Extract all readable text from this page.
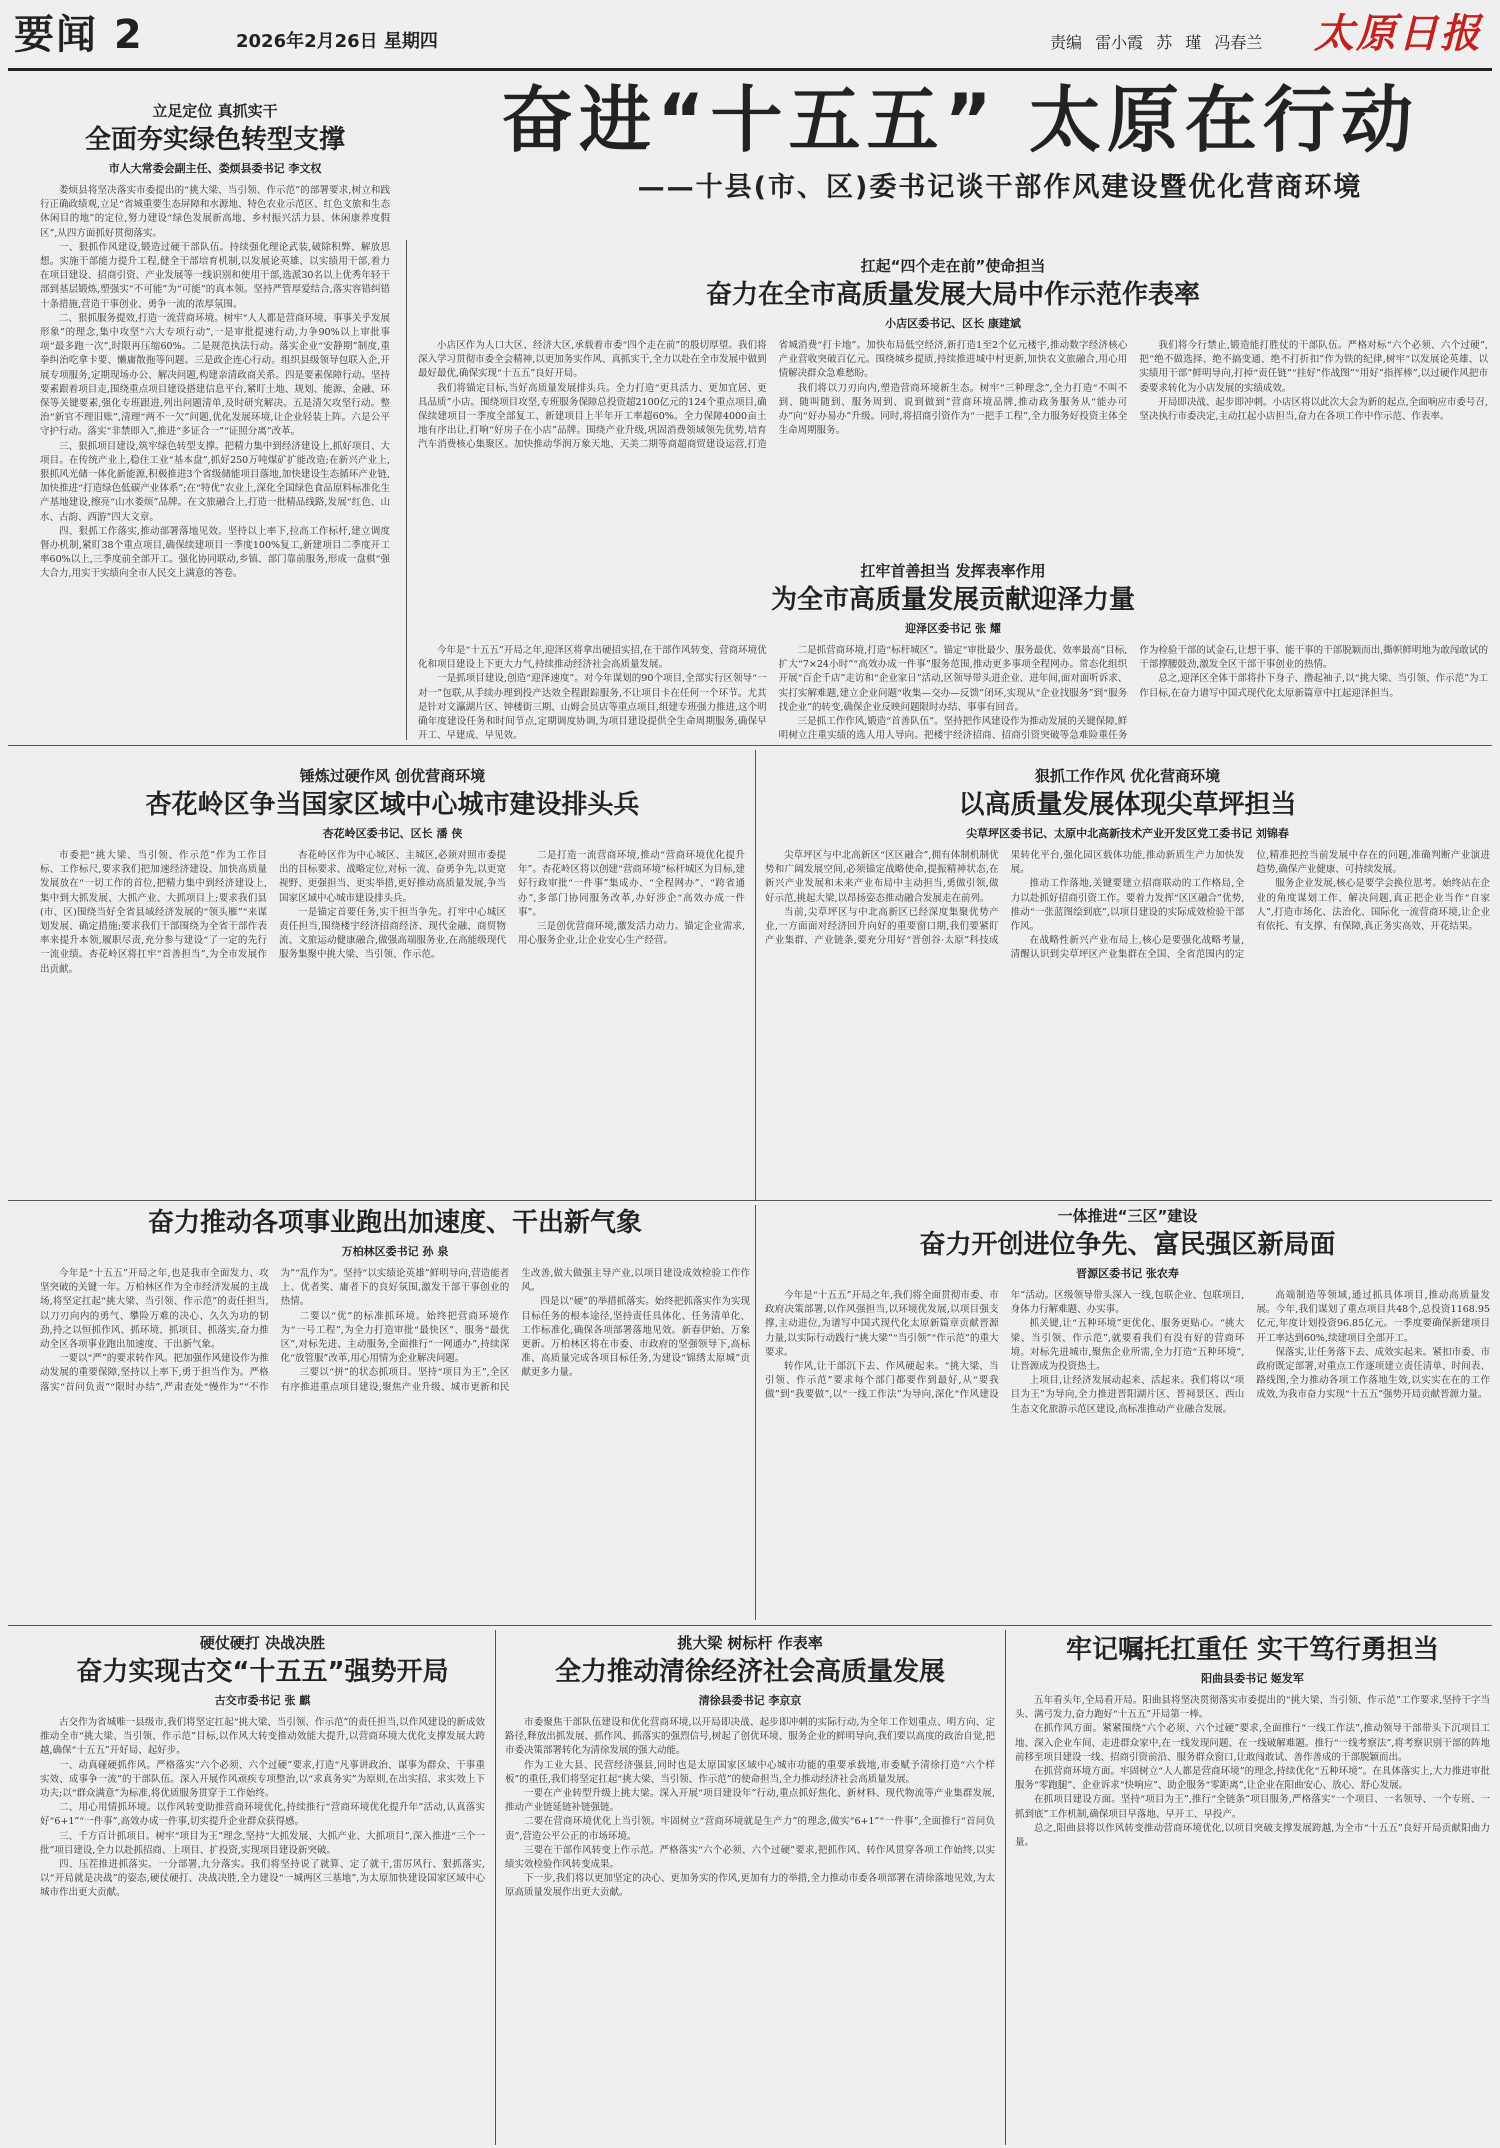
要闻 2	2026年2月26日 星期四	责编 雷小霞 苏 瑾 冯春兰 太原日报
奋进“十五五” 太原在行动
——十县(市、区)委书记谈干部作风建设暨优化营商环境
立足定位 真抓实干
全面夯实绿色转型支撑
市人大常委会副主任、娄烦县委书记 李文权

娄烦县将坚决落实市委提出的“挑大梁、当引领、作示范”的部署要求,树立和践行正确政绩观,立足“省城重要生态屏障和水源地、特色农业示范区、红色文旅和生态休闲目的地”的定位,努力建设“绿色发展新高地、乡村振兴活力县、休闲康养度假区”,从四方面抓好贯彻落实。

一、狠抓作风建设,锻造过硬干部队伍。持续强化理论武装,破除积弊、解放思想。实施干部能力提升工程,健全干部培育机制,以发展论英雄、以实绩用干部,着力在项目建设、招商引资、产业发展等一线识别和使用干部,选派30名以上优秀年轻干部到基层锻炼,塑强实“不可能”为“可能”的真本领。坚持严管厚爱结合,落实容错纠错十条措施,营造干事创业、勇争一流的浓厚氛围。

二、狠抓服务提效,打造一流营商环境。树牢“人人都是营商环境、事事关乎发展形象”的理念,集中攻坚“六大专项行动”,一是审批提速行动,力争90%以上审批事项“最多跑一次”,时限再压缩60%。二是规范执法行动。落实企业“安静期”制度,重拳纠治吃拿卡要、懒庸散拖等问题。三是政企连心行动。组织县级领导包联入企,开展专项服务,定期现场办公、解决问题,构建亲清政商关系。四是要素保障行动。坚持要素跟着项目走,围绕重点项目建设搭建信息平台,紧盯土地、规划、能源、金融、环保等关键要素,强化专班跟进,列出问题清单,及时研究解决。五是清欠攻坚行动。整治“新官不理旧账”,清理“两不一欠”问题,优化发展环境,让企业轻装上阵。六是公平守护行动。落实“非禁即入”,推进“多证合一”“证照分离”改革。

三、狠抓项目建设,筑牢绿色转型支撑。把精力集中到经济建设上,抓好项目、大项目。在传统产业上,稳住工业“基本盘”,抓好250万吨煤矿扩能改造;在新兴产业上,狠抓风光储一体化新能源,积极推进3个省级储能项目落地,加快建设生态循环产业链,加快推进“打造绿色低碳产业体系”;在“特优”农业上,深化全国绿色食品原料标准化生产基地建设,擦亮“山水娄烦”品牌。在文旅融合上,打造一批精品线路,发展“红色、山水、古韵、西游”四大文章。

四、狠抓工作落实,推动部署落地见效。坚持以上率下,拉高工作标杆,建立调度督办机制,紧盯38个重点项目,确保续建项目一季度100%复工,新建项目二季度开工率60%以上,三季度前全部开工。强化协同联动,乡镇、部门靠前服务,形成一盘棋“强大合力,用实干实绩向全市人民交上满意的答卷。

扛起“四个走在前”使命担当
奋力在全市高质量发展大局中作示范作表率
小店区委书记、区长 康建斌

小店区作为人口大区、经济大区,承载着市委“四个走在前”的殷切厚望。我们将深入学习贯彻市委全会精神,以更加务实作风、真抓实干,全力以赴在全市发展中做到最好最优,确保实现“十五五”良好开局。

我们将锚定目标,当好高质量发展排头兵。全力打造“更具活力、更加宜居、更具品质”小店。围绕项目攻坚,专班服务保障总投资超2100亿元的124个重点项目,确保续建项目一季度全部复工、新建项目上半年开工率超60%。全力保障4000亩土地有序出让,打响“好房子在小店”品牌。围绕产业升级,巩固消费领域领先优势,培育汽车消费核心集聚区。加快推动华润万象天地、天美二期等商超商贸建设运营,打造省城消费“打卡地”。加快布局低空经济,新打造1至2个亿元楼宇,推动数字经济核心产业营收突破百亿元。围绕城乡提质,持续推进城中村更新,加快农文旅融合,用心用情解决群众急难愁盼。

我们将以刀刃向内,塑造营商环境新生态。树牢“三种理念”,全力打造“不叫不到、随叫随到、服务周到、说到做到”营商环境品牌,推动政务服务从“能办可办”向“好办易办”升级。同时,将招商引资作为“一把手工程”,全力服务好投资主体全生命周期服务。

我们将今行禁止,锻造能打胜仗的干部队伍。严格对标“六个必须、六个过硬”,把“绝不做选择、绝不搞变通、绝不打折扣”作为铁的纪律,树牢“以发展论英雄、以实绩用干部”鲜明导向,打掉“责任链”“挂好”作战图”“用好”指挥棒”,以过硬作风把市委要求转化为小店发展的实绩成效。

开局即决战、起步即冲刺。小店区将以此次大会为新的起点,全面响应市委号召,坚决执行市委决定,主动扛起小店担当,奋力在各项工作中作示范、作表率。

扛牢首善担当 发挥表率作用
为全市高质量发展贡献迎泽力量
迎泽区委书记 张 耀

今年是“十五五”开局之年,迎泽区将拿出硬招实招,在干部作风转变、营商环境优化和项目建设上下更大力气,持续推动经济社会高质量发展。

一是抓项目建设,创造“迎泽速度”。对今年谋划的90个项目,全部实行区领导“一对一”包联,从手续办理到投产达效全程跟踪服务,不让项目卡在任何一个环节。尤其是针对文瀛湖片区、钟楼街三期、山姆会员店等重点项目,组建专班强力推进,这个明确年度建设任务和时间节点,定期调度协调,为项目建设提供全生命周期服务,确保早开工、早建成、早见效。

二是抓营商环境,打造“标杆城区”。锚定“审批最少、服务最优、效率最高”目标,扩大“7×24小时”“高效办成一件事”服务范围,推动更多事项全程网办。常态化组织开展“百企千店”走访和“企业家日”活动,区领导带头进企业、进年间,面对面听诉求、实打实解难题,建立企业问题“收集—交办—反馈”闭环,实现从“企业找服务”到“服务找企业”的转变,确保企业反映问题限时办结、事事有回音。

三是抓工作作风,锻造“首善队伍”。坚持把作风建设作为推动发展的关键保障,鲜明树立注重实绩的选人用人导向。把楼宇经济招商、招商引资突破等急难险重任务作为检验干部的试金石,让想干事、能干事的干部脱颖而出,撕帜鲜明地为敢闯敢试的干部撑腰鼓劲,激发全区干部干事创业的热情。

总之,迎泽区全体干部将扑下身子、撸起袖子,以“挑大梁、当引领、作示范”为工作目标,在奋力谱写中国式现代化太原新篇章中扛起迎泽担当。

锤炼过硬作风 创优营商环境
杏花岭区争当国家区域中心城市建设排头兵
杏花岭区委书记、区长 潘 侠

市委把“挑大梁、当引领、作示范”作为工作目标、工作标尺,要求我们把加速经济建设、加快高质量发展放在“一切工作的首位,把精力集中到经济建设上,集中到大抓发展、大抓产业、大抓项目上;要求我们县(市、区)围绕当好全省县域经济发展的“领头雁”“来谋划发展、确定措施;要求我们干部围绕为全省干部作表率来提升本领,履职尽责,充分参与建设“了一定的先行一流业绩。杏花岭区将扛牢“首善担当”,为全市发展作出贡献。

杏花岭区作为中心城区、主城区,必须对照市委提出的目标要求、战略定位,对标一流、奋勇争先,以更宽视野、更强担当、更实举措,更好推动高质量发展,争当国家区域中心城市建设排头兵。

一是锚定首要任务,实干担当争先。打牢中心城区责任担当,围绕楼宇经济招商经济、现代金融、商贸物流、文旅运动健康融合,做强高端服务业,在高能级现代服务集聚中挑大梁、当引领、作示范。

二是打造一流营商环境,推动“营商环境优化提升年”。杏花岭区将以创建“营商环境”标杆城区为目标,建好行政审批“一件事”集成办、“全程网办”、“跨省通办”,多部门协同服务改革,办好涉企“高效办成一件事”。

三是创优营商环境,激发活力动力。锚定企业需求,用心服务企业,让企业安心生产经营。

狠抓工作作风 优化营商环境
以高质量发展体现尖草坪担当
尖草坪区委书记、太原中北高新技术产业开发区党工委书记 刘锦春

尖草坪区与中北高新区“区区融合”,拥有体制机制优势和广阔发展空间,必须锚定战略使命,提振精神状态,在新兴产业发展和未来产业布局中主动担当,勇做引领,做好示范,挑起大梁,以昂扬姿态推动融合发展走在前列。

当前,尖草坪区与中北高新区已经深度集聚优势产业,一方面面对经济回升向好的重要窗口期,我们要紧盯产业集群、产业链条,要充分用好“晋创谷·太原”科技成果转化平台,强化园区载体功能,推动新质生产力加快发展。

推动工作落地,关键要建立招商联动的工作格局,全力以赴抓好招商引资工作。要着力发挥“区区融合”优势,推动“一张蓝图绘到底”,以项目建设的实际成效检验干部作风。

在战略性新兴产业布局上,核心是要强化战略考量,清醒认识到尖草坪区产业集群在全国、全省范围内的定位,精准把控当前发展中存在的问题,准确判断产业演进趋势,确保产业健康、可持续发展。

服务企业发展,核心是要学会换位思考。始终站在企业的角度谋划工作、解决问题,真正把企业当作“自家人”,打造市场化、法治化、国际化一流营商环境,让企业有依托、有支撑、有保障,真正务实高效、开花结果。

奋力推动各项事业跑出加速度、干出新气象
万柏林区委书记 孙 泉

今年是“十五五”开局之年,也是我市全面发力、攻坚突破的关键一年。万柏林区作为全市经济发展的主战场,将坚定扛起“挑大梁、当引领、作示范”的责任担当,以刀刃向内的勇气、攀险万难的决心、久久为功的韧劲,持之以恒抓作风、抓环境、抓项目、抓落实,奋力推动全区各项事业跑出加速度、干出新气象。

一要以“严”的要求转作风。把加强作风建设作为推动发展的重要保障,坚持以上率下,勇于担当作为。严格落实“首问负责”“限时办结”,严肃查处“慢作为”“不作为”“乱作为”。坚持“以实绩论英雄”鲜明导向,营造能者上、优者奖、庸者下的良好氛围,激发干部干事创业的热情。

二要以“优”的标准抓环境。始终把营商环境作为“一号工程”,为全力打造审批“最快区”、服务“最优区”,对标先进、主动服务,全面推行“一网通办”,持续深化“放管服”改革,用心用情为企业解决问题。

三要以“拼”的状态抓项目。坚持“项目为王”,全区有序推进重点项目建设,聚焦产业升级、城市更新和民生改善,做大做强主导产业,以项目建设成效检验工作作风。

四是以“硬”的举措抓落实。始终把抓落实作为实现目标任务的根本途径,坚持责任具体化、任务清单化、工作标准化,确保各项部署落地见效。新春伊始、万象更新。万柏林区将在市委、市政府的坚强领导下,高标准、高质量完成各项目标任务,为建设“锦绣太原城”贡献更多力量。

一体推进“三区”建设
奋力开创进位争先、富民强区新局面
晋源区委书记 张农寿

今年是“十五五”开局之年,我们将全面贯彻市委、市政府决策部署,以作风强担当,以环境优发展,以项目强支撑,主动进位,为谱写中国式现代化太原新篇章贡献晋源力量,以实际行动践行“挑大梁”“当引领”“作示范”的重大要求。

转作风,让干部沉下去、作风硬起来。“挑大梁、当引领、作示范”要求每个部门都要作到最好,从“要我做”到“我要做”,以“一线工作法”为导向,深化“作风建设年”活动。区级领导带头深入一线,包联企业、包联项目,身体力行解难题、办实事。

抓关键,让“五种环境”更优化、服务更贴心。“挑大梁、当引领、作示范”,就要看我们有没有好的营商环境。对标先进城市,聚焦企业所需,全力打造“五种环境”,让晋源成为投资热土。

上项目,让经济发展动起来、活起来。我们将以“项目为王”为导向,全力推进晋阳湖片区、晋祠景区、西山生态文化旅游示范区建设,高标准推动产业融合发展。

高端制造等领域,通过抓具体项目,推动高质量发展。今年,我们谋划了重点项目共48个,总投资1168.95亿元,年度计划投资96.85亿元。一季度要确保新建项目开工率达到60%,续建项目全部开工。

保落实,让任务落下去、成效实起来。紧扣市委、市政府既定部署,对重点工作逐项建立责任清单、时间表、路线图,全力推动各项工作落地生效,以实实在在的工作成效,为我市奋力实现“十五五”强势开局贡献晋源力量。

硬仗硬打 决战决胜
奋力实现古交“十五五”强势开局
古交市委书记 张 麒

古交作为省城唯一县级市,我们将坚定扛起“挑大梁、当引领、作示范”的责任担当,以作风建设的新成效推动全市“挑大梁、当引领、作示范”目标,以作风大转变推动效能大提升,以营商环境大优化支撑发展大跨越,确保“十五五”开好局、起好步。

一、动真碰硬抓作风。严格落实“六个必须、六个过硬”要求,打造“凡事讲政治、谋事为群众、干事重实效、成事争一流”的干部队伍。深入开展作风顽疾专项整治,以“求真务实”为原则,在出实招、求实效上下功夫;以“群众满意”为标准,将优质服务贯穿于工作始终。

二、用心用情抓环境。以作风转变助推营商环境优化,持续推行“营商环境优化提升年”活动,认真落实好“6+1”“一件事”,高效办成一件事,切实提升企业群众获得感。

三、千方百计抓项目。树牢“项目为王”理念,坚持“大抓发展、大抓产业、大抓项目”,深入推进“三个一批”项目建设,全力以赴抓招商、上项目、扩投资,实现项目建设新突破。

四、压茬推进抓落实。一分部署,九分落实。我们将坚持说了就算、定了就干,雷厉风行、狠抓落实,以“开局就是决战”的姿态,硬仗硬打、决战决胜,全力建设“一城两区三基地”,为太原加快建设国家区域中心城市作出更大贡献。

挑大梁 树标杆 作表率
全力推动清徐经济社会高质量发展
清徐县委书记 李京京

市委聚焦干部队伍建设和优化营商环境,以开局即决战、起步即冲刺的实际行动,为全年工作划重点、明方向、定路径,释放出抓发展、抓作风、抓落实的强烈信号,树起了创优环境、服务企业的鲜明导向,我们要以高度的政治自觉,把市委决策部署转化为清徐发展的强大动能。

作为工业大县、民营经济强县,同时也是太原国家区域中心城市功能的重要承载地,市委赋予清徐打造“六个样板”的重任,我们将坚定扛起“挑大梁、当引领、作示范”的使命担当,全力推动经济社会高质量发展。

一要在产业转型升级上挑大梁。深入开展“项目建设年”行动,重点抓好焦化、新材料、现代物流等产业集群发展,推动产业链延链补链强链。

二要在营商环境优化上当引领。牢固树立“营商环境就是生产力”的理念,做实“6+1”“一件事”,全面推行“首问负责”,营造公平公正的市场环境。

三要在干部作风转变上作示范。严格落实“六个必须、六个过硬”要求,把抓作风、转作风贯穿各项工作始终,以实绩实效检验作风转变成果。

下一步,我们将以更加坚定的决心、更加务实的作风,更加有力的举措,全力推动市委各项部署在清徐落地见效,为太原高质量发展作出更大贡献。

牢记嘱托扛重任 实干笃行勇担当
阳曲县委书记 姬发军

五年看头年,全局看开局。阳曲县将坚决贯彻落实市委提出的“挑大梁、当引领、作示范”工作要求,坚持干字当头、满弓发力,奋力跑好“十五五”开局第一棒。

在抓作风方面。紧紧围绕“六个必须、六个过硬”要求,全面推行“一线工作法”,推动领导干部带头下沉项目工地、深入企业车间、走进群众家中,在一线发现问题、在一线破解难题。推行“一线考察法”,将考察识别干部的阵地前移至项目建设一线、招商引资前沿、服务群众窗口,让敢闯敢试、善作善成的干部脱颖而出。

在抓营商环境方面。牢固树立“人人都是营商环境”的理念,持续优化“五种环境”。在具体落实上,大力推进审批服务“零跑腿”、企业诉求“快响应”、助企服务“零距离”,让企业在阳曲安心、放心、舒心发展。

在抓项目建设方面。坚持“项目为王”,推行“全链条”项目服务,严格落实“一个项目、一名领导、一个专班、一抓到底”工作机制,确保项目早落地、早开工、早投产。

总之,阳曲县将以作风转变推动营商环境优化,以项目突破支撑发展跨越,为全市“十五五”良好开局贡献阳曲力量。
